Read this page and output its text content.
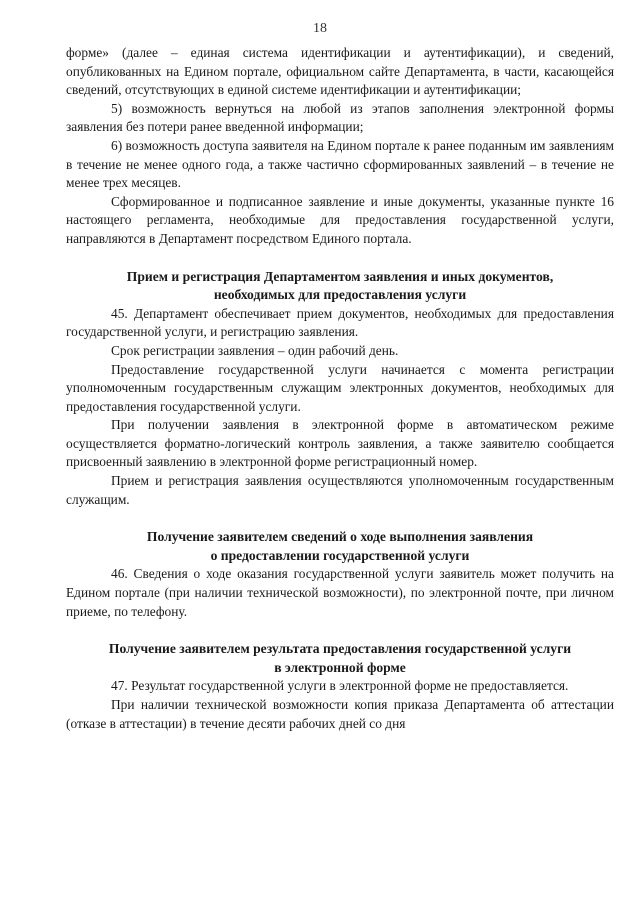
18

форме» (далее – единая система идентификации и аутентификации), и сведений, опубликованных на Едином портале, официальном сайте Департамента, в части, касающейся сведений, отсутствующих в единой системе идентификации и аутентификации;

5) возможность вернуться на любой из этапов заполнения электронной формы заявления без потери ранее введенной информации;

6) возможность доступа заявителя на Едином портале к ранее поданным им заявлениям в течение не менее одного года, а также частично сформированных заявлений – в течение не менее трех месяцев.

Сформированное и подписанное заявление и иные документы, указанные пункте 16 настоящего регламента, необходимые для предоставления государственной услуги, направляются в Департамент посредством Единого портала.

Прием и регистрация Департаментом заявления и иных документов,

необходимых для предоставления услуги

45. Департамент обеспечивает прием документов, необходимых для предоставления государственной услуги, и регистрацию заявления.

Срок регистрации заявления – один рабочий день.

Предоставление государственной услуги начинается с момента регистрации уполномоченным государственным служащим электронных документов, необходимых для предоставления государственной услуги.

При получении заявления в электронной форме в автоматическом режиме осуществляется форматно-логический контроль заявления, а также заявителю сообщается присвоенный заявлению в электронной форме регистрационный номер.

Прием и регистрация заявления осуществляются уполномоченным государственным служащим.

Получение заявителем сведений о ходе выполнения заявления

о предоставлении государственной услуги

46. Сведения о ходе оказания государственной услуги заявитель может получить на Едином портале (при наличии технической возможности), по электронной почте, при личном приеме, по телефону.

Получение заявителем результата предоставления государственной услуги

в электронной форме

47. Результат государственной услуги в электронной форме не предоставляется.

При наличии технической возможности копия приказа Департамента об аттестации (отказе в аттестации) в течение десяти рабочих дней со дня
